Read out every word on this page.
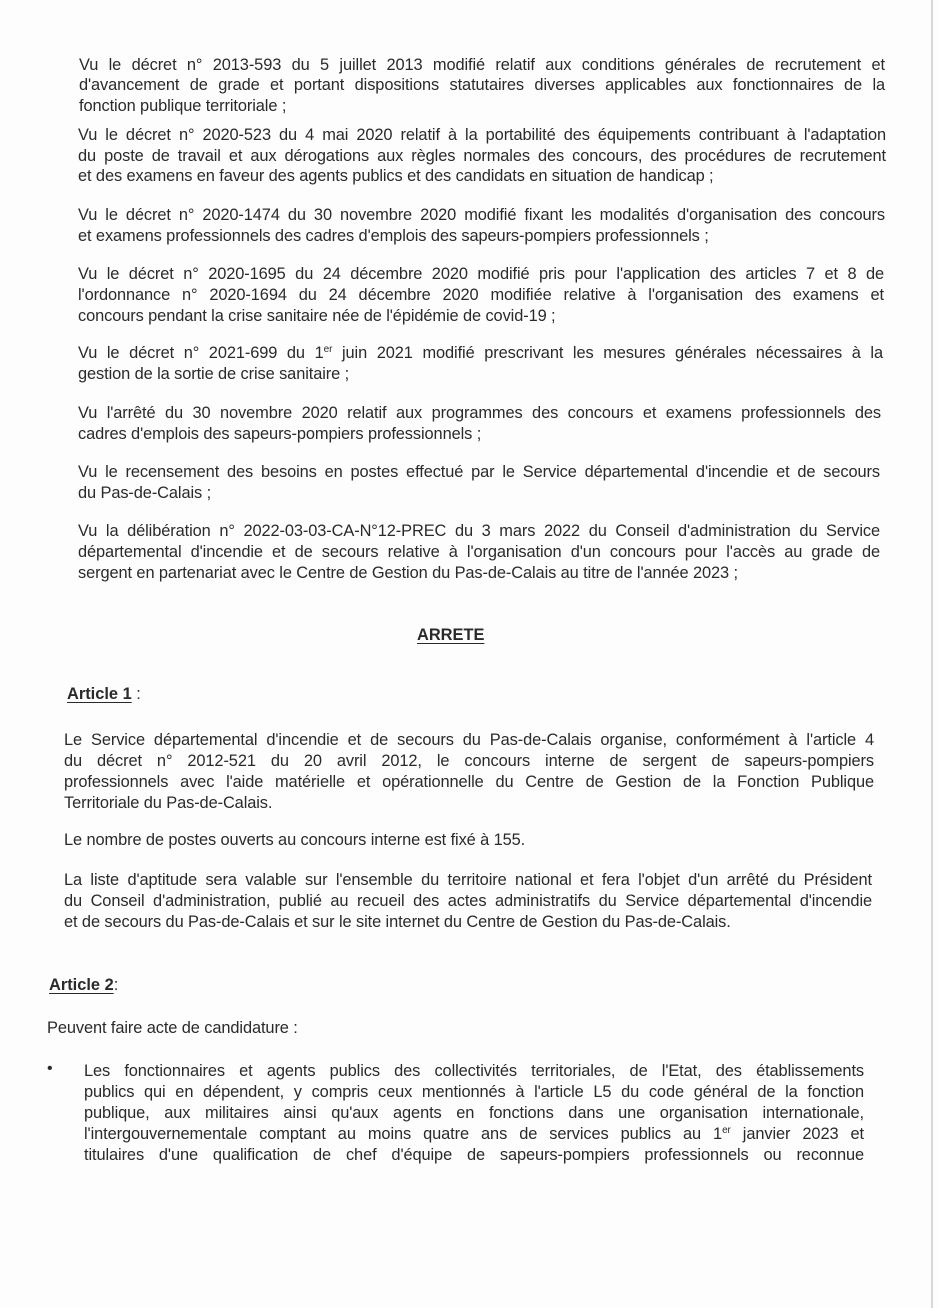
Vu le décret n° 2013-593 du 5 juillet 2013 modifié relatif aux conditions générales de recrutement et
d'avancement de grade et portant dispositions statutaires diverses applicables aux fonctionnaires de la
fonction publique territoriale ;
Vu le décret n° 2020-523 du 4 mai 2020 relatif à la portabilité des équipements contribuant à l'adaptation
du poste de travail et aux dérogations aux règles normales des concours, des procédures de recrutement
et des examens en faveur des agents publics et des candidats en situation de handicap ;
Vu le décret n° 2020-1474 du 30 novembre 2020 modifié fixant les modalités d'organisation des concours
et examens professionnels des cadres d'emplois des sapeurs-pompiers professionnels ;
Vu le décret n° 2020-1695 du 24 décembre 2020 modifié pris pour l'application des articles 7 et 8 de
l'ordonnance n° 2020-1694 du 24 décembre 2020 modifiée relative à l'organisation des examens et
concours pendant la crise sanitaire née de l'épidémie de covid-19 ;
Vu le décret n° 2021-699 du 1er juin 2021 modifié prescrivant les mesures générales nécessaires à la
gestion de la sortie de crise sanitaire ;
Vu l'arrêté du 30 novembre 2020 relatif aux programmes des concours et examens professionnels des
cadres d'emplois des sapeurs-pompiers professionnels ;
Vu le recensement des besoins en postes effectué par le Service départemental d'incendie et de secours
du Pas-de-Calais ;
Vu la délibération n° 2022-03-03-CA-N°12-PREC du 3 mars 2022 du Conseil d'administration du Service
départemental d'incendie et de secours relative à l'organisation d'un concours pour l'accès au grade de
sergent en partenariat avec le Centre de Gestion du Pas-de-Calais au titre de l'année 2023 ;
ARRETE
Article 1 :
Le Service départemental d'incendie et de secours du Pas-de-Calais organise, conformément à l'article 4
du décret n° 2012-521 du 20 avril 2012, le concours interne de sergent de sapeurs-pompiers
professionnels avec l'aide matérielle et opérationnelle du Centre de Gestion de la Fonction Publique
Territoriale du Pas-de-Calais.
Le nombre de postes ouverts au concours interne est fixé à 155.
La liste d'aptitude sera valable sur l'ensemble du territoire national et fera l'objet d'un arrêté du Président
du Conseil d'administration, publié au recueil des actes administratifs du Service départemental d'incendie
et de secours du Pas-de-Calais et sur le site internet du Centre de Gestion du Pas-de-Calais.
Article 2:
Peuvent faire acte de candidature :
• Les fonctionnaires et agents publics des collectivités territoriales, de l'Etat, des établissements
publics qui en dépendent, y compris ceux mentionnés à l'article L5 du code général de la fonction
publique, aux militaires ainsi qu'aux agents en fonctions dans une organisation internationale,
l'intergouvernementale comptant au moins quatre ans de services publics au 1er janvier 2023 et
titulaires d'une qualification de chef d'équipe de sapeurs-pompiers professionnels ou reconnue
